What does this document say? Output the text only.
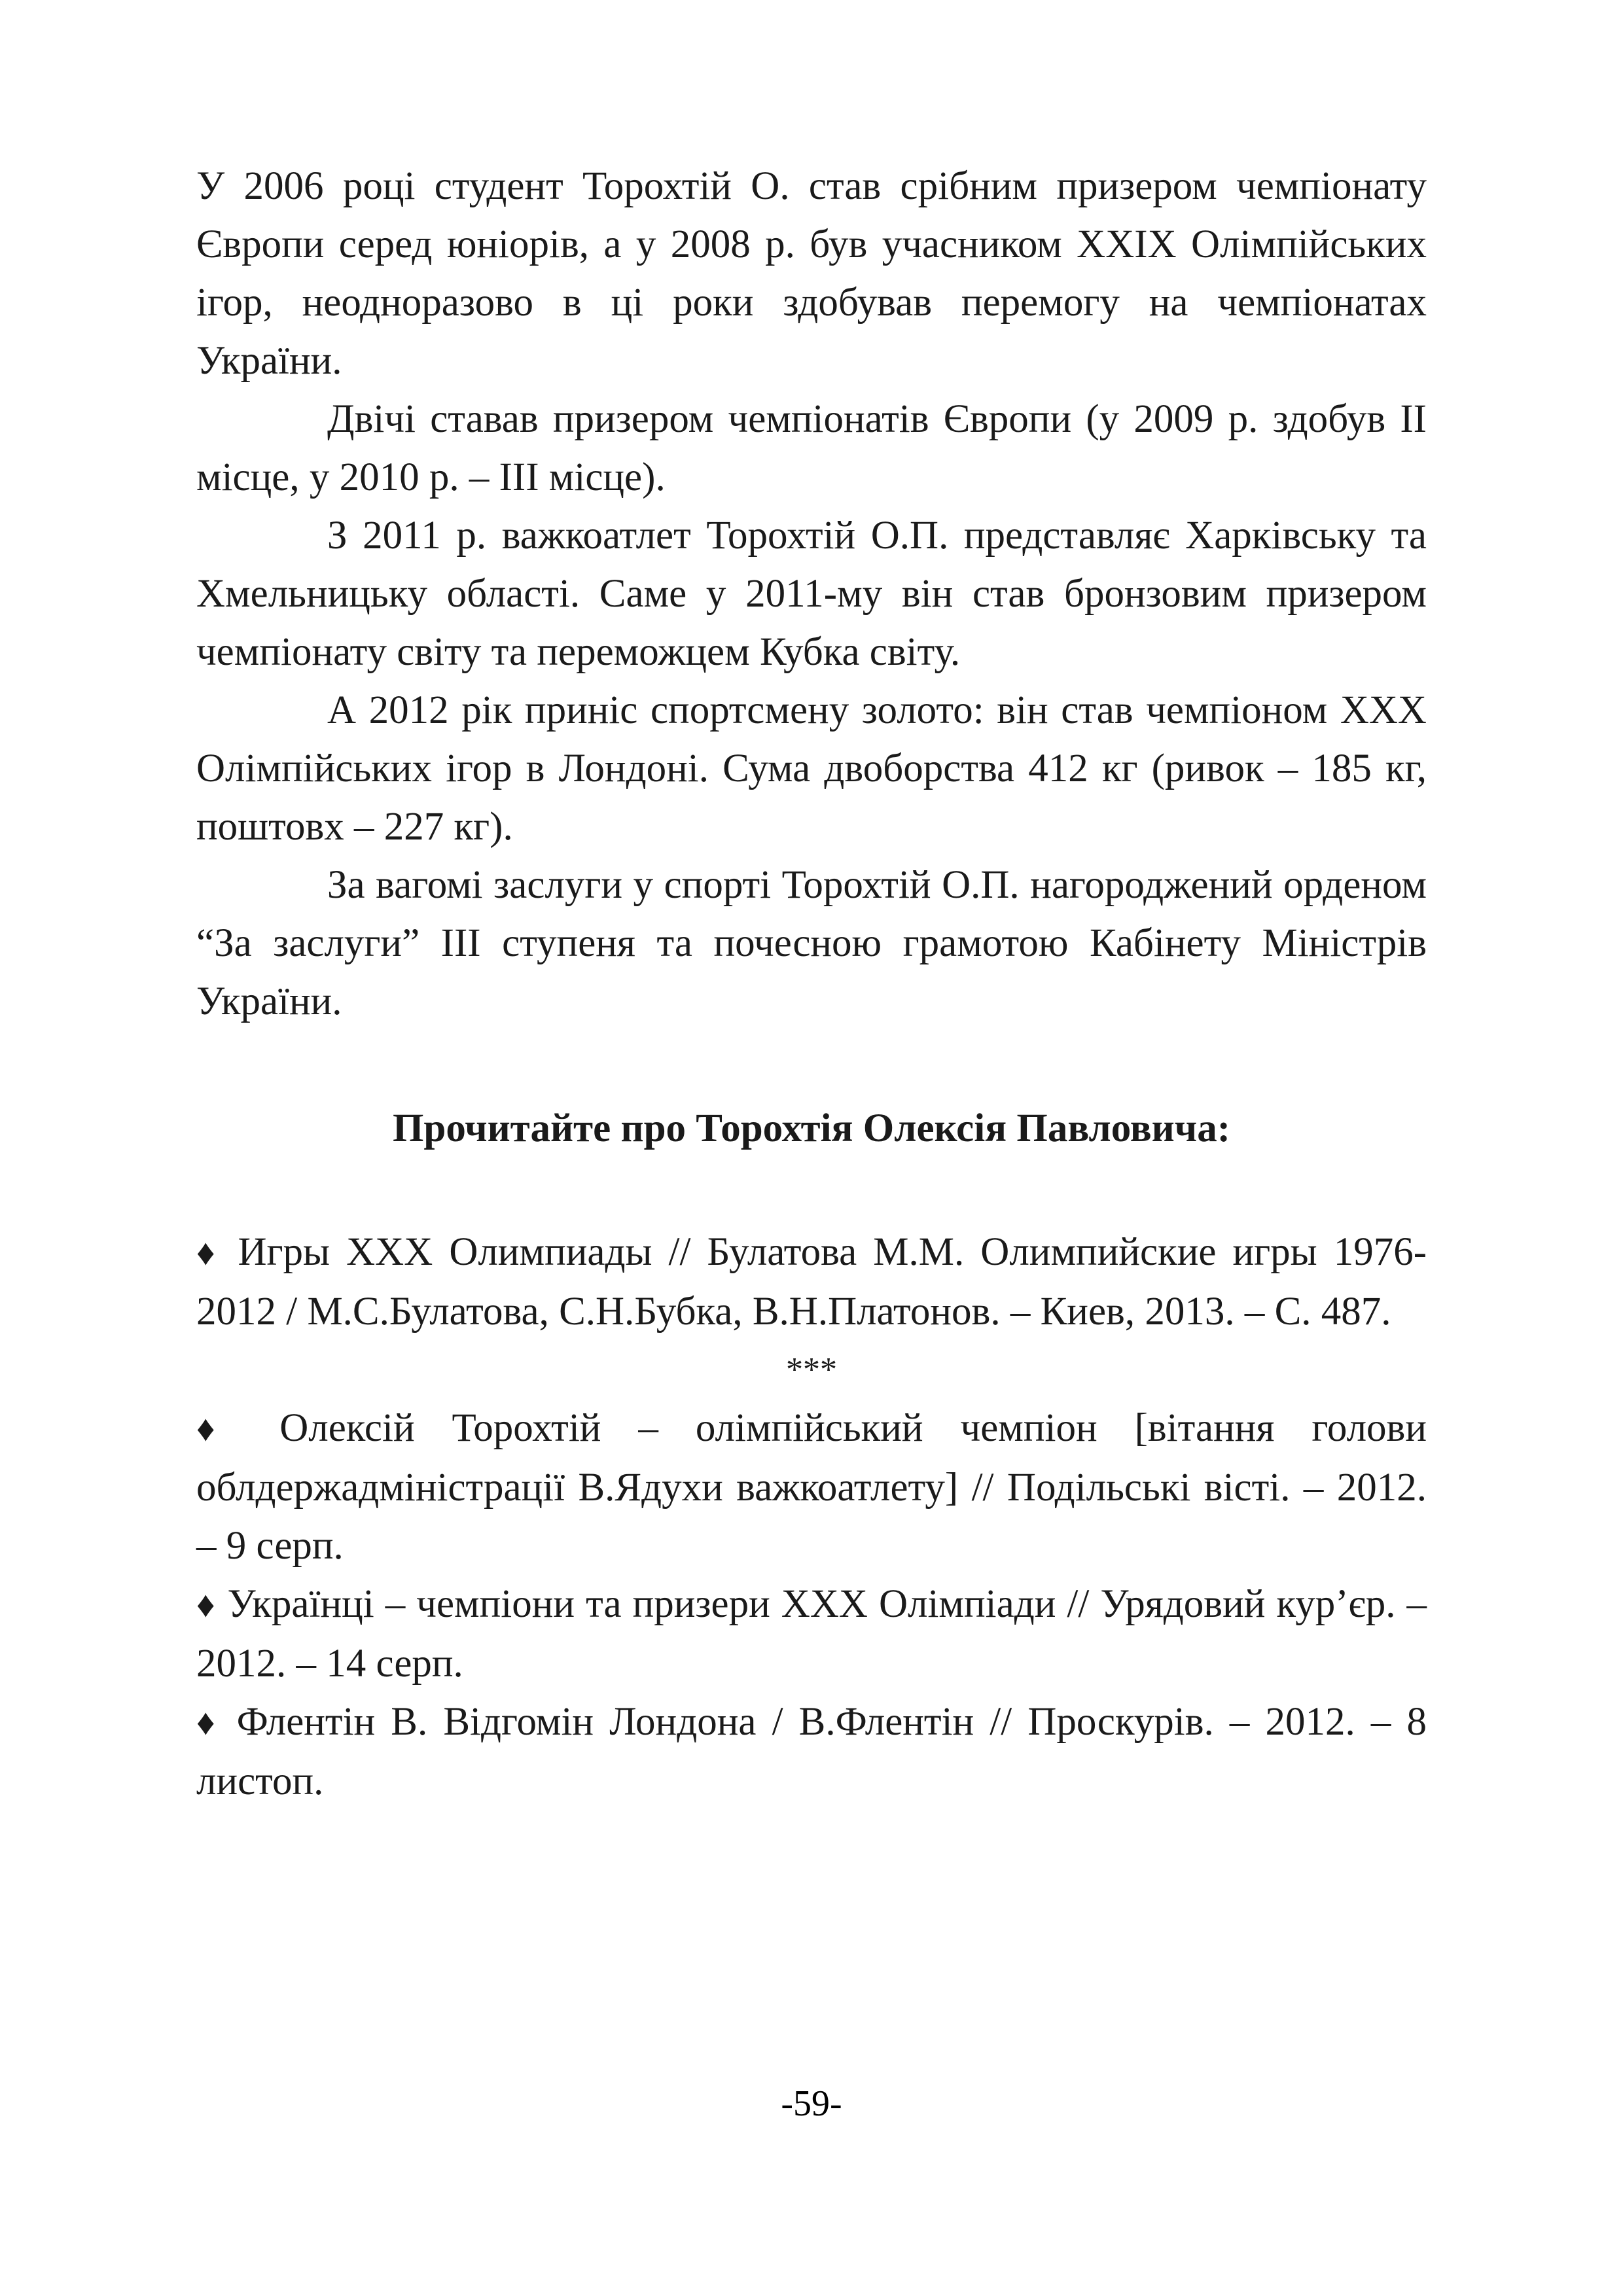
У 2006 році студент Торохтій О. став срібним призером чемпіонату Європи серед юніорів, а у 2008 р. був учасником XXIX Олімпійських ігор, неодноразово в ці роки здобував перемогу на чемпіонатах України.

Двічі ставав призером чемпіонатів Європи (у 2009 р. здобув ІІ місце, у 2010 р. – ІІІ місце).

З 2011 р. важкоатлет Торохтій О.П. представляє Харківську та Хмельницьку області. Саме у 2011-му він став бронзовим призером чемпіонату світу та переможцем Кубка світу.

А 2012 рік приніс спортсмену золото: він став чемпіоном XXX Олімпійських ігор в Лондоні. Сума двоборства 412 кг (ривок – 185 кг, поштовх – 227 кг).

За вагомі заслуги у спорті Торохтій О.П. нагороджений орденом “За заслуги” ІІІ ступеня та почесною грамотою Кабінету Міністрів України.

Прочитайте про Торохтія Олексія Павловича:

♦ Игры XXX Олимпиады // Булатова М.М. Олимпийские игры 1976-2012 / М.С.Булатова, С.Н.Бубка, В.Н.Платонов. – Киев, 2013. – С. 487.

***

♦ Олексій Торохтій – олімпійський чемпіон [вітання голови облдержадміністрації В.Ядухи важкоатлету] // Подільські вісті. – 2012. – 9 серп.

♦ Українці – чемпіони та призери XXX Олімпіади // Урядовий кур’єр. – 2012. – 14 серп.

♦ Флентін В. Відгомін Лондона / В.Флентін // Проскурів. – 2012. – 8 листоп.

-59-
